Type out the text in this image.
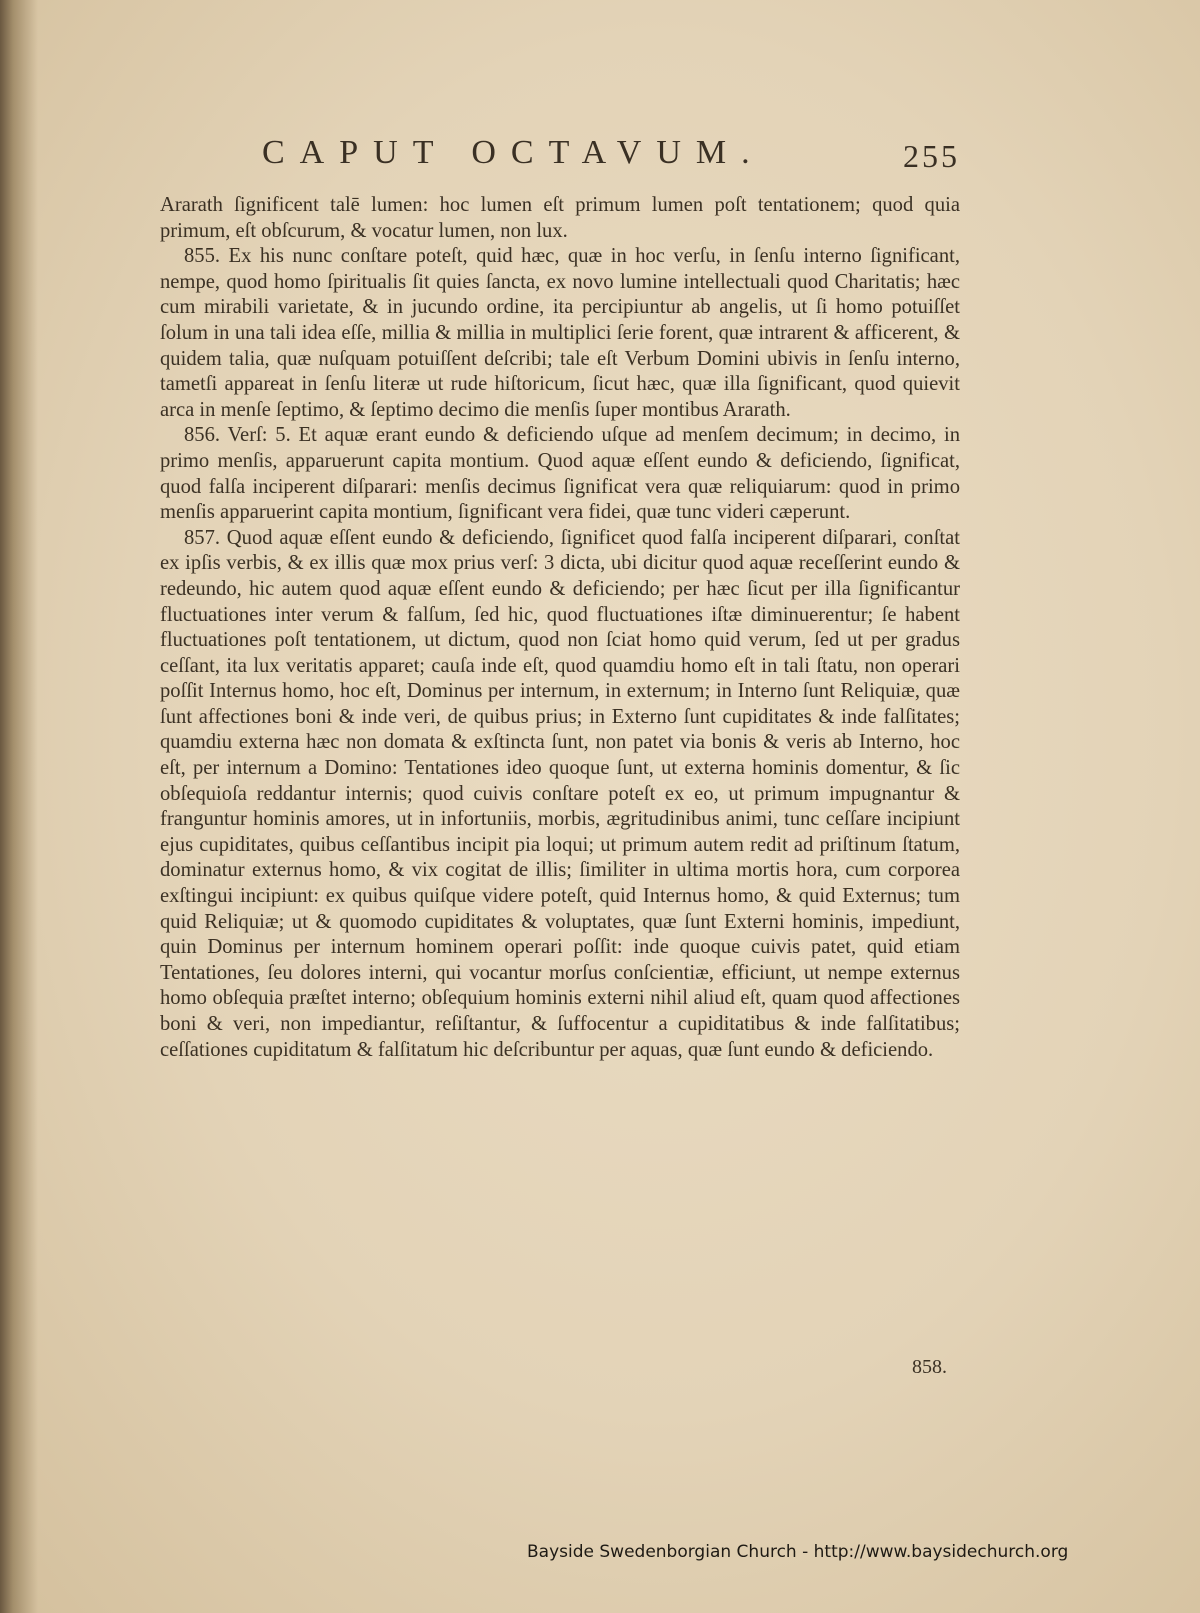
CAPUT OCTAVUM.	255

Ararath ſignificent talē lumen: hoc lumen eſt primum lumen poſt tentationem; quod quia primum, eſt obſcurum, & vocatur lumen, non lux.

855. Ex his nunc conſtare poteſt, quid hæc, quæ in hoc verſu, in ſenſu interno ſignificant, nempe, quod homo ſpiritualis ſit quies ſancta, ex novo lumine intellectuali quod Charitatis; hæc cum mirabili varietate, & in jucundo ordine, ita percipiuntur ab angelis, ut ſi homo potuiſſet ſolum in una tali idea eſſe, millia & millia in multiplici ſerie forent, quæ intrarent & afficerent, & quidem talia, quæ nuſquam potuiſſent deſcribi; tale eſt Verbum Domini ubivis in ſenſu interno, tametſi appareat in ſenſu literæ ut rude hiſtoricum, ſicut hæc, quæ illa ſignificant, quod quievit arca in menſe ſeptimo, & ſeptimo decimo die menſis ſuper montibus Ararath.

856. Verſ: 5. Et aquæ erant eundo & deficiendo uſque ad menſem decimum; in decimo, in primo menſis, apparuerunt capita montium. Quod aquæ eſſent eundo & deficiendo, ſignificat, quod falſa inciperent diſparari: menſis decimus ſignificat vera quæ reliquiarum: quod in primo menſis apparuerint capita montium, ſignificant vera fidei, quæ tunc videri cæperunt.

857. Quod aquæ eſſent eundo & deficiendo, ſignificet quod falſa inciperent diſparari, conſtat ex ipſis verbis, & ex illis quæ mox prius verſ: 3 dicta, ubi dicitur quod aquæ receſſerint eundo & redeundo, hic autem quod aquæ eſſent eundo & deficiendo; per hæc ſicut per illa ſignificantur fluctuationes inter verum & falſum, ſed hic, quod fluctuationes iſtæ diminuerentur; ſe habent fluctuationes poſt tentationem, ut dictum, quod non ſciat homo quid verum, ſed ut per gradus ceſſant, ita lux veritatis apparet; cauſa inde eſt, quod quamdiu homo eſt in tali ſtatu, non operari poſſit Internus homo, hoc eſt, Dominus per internum, in externum; in Interno ſunt Reliquiæ, quæ ſunt affectiones boni & inde veri, de quibus prius; in Externo ſunt cupiditates & inde falſitates; quamdiu externa hæc non domata & exſtincta ſunt, non patet via bonis & veris ab Interno, hoc eſt, per internum a Domino: Tentationes ideo quoque ſunt, ut externa hominis domentur, & ſic obſequioſa reddantur internis; quod cuivis conſtare poteſt ex eo, ut primum impugnantur & franguntur hominis amores, ut in infortuniis, morbis, ægritudinibus animi, tunc ceſſare incipiunt ejus cupiditates, quibus ceſſantibus incipit pia loqui; ut primum autem redit ad priſtinum ſtatum, dominatur externus homo, & vix cogitat de illis; ſimiliter in ultima mortis hora, cum corporea exſtingui incipiunt: ex quibus quiſque videre poteſt, quid Internus homo, & quid Externus; tum quid Reliquiæ; ut & quomodo cupiditates & voluptates, quæ ſunt Externi hominis, impediunt, quin Dominus per internum hominem operari poſſit: inde quoque cuivis patet, quid etiam Tentationes, ſeu dolores interni, qui vocantur morſus conſcientiæ, efficiunt, ut nempe externus homo obſequia præſtet interno; obſequium hominis externi nihil aliud eſt, quam quod affectiones boni & veri, non impediantur, reſiſtantur, & ſuffocentur a cupiditatibus & inde falſitatibus; ceſſationes cupiditatum & falſitatum hic deſcribuntur per aquas, quæ ſunt eundo & deficiendo.

858.
Bayside Swedenborgian Church - http://www.baysidechurch.org
